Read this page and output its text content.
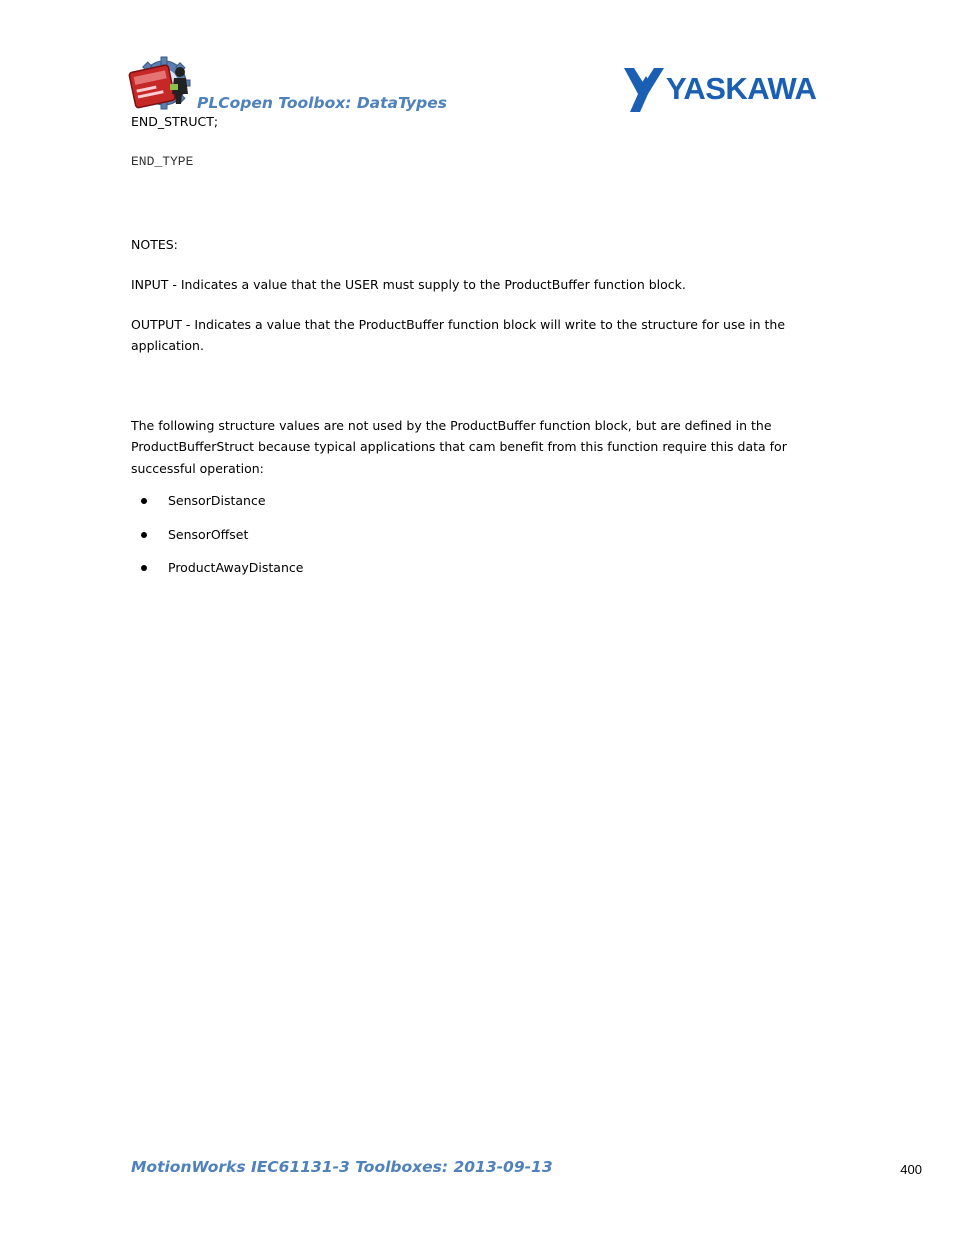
PLCopen Toolbox: DataTypes	YASKAWA
END_STRUCT;
END_TYPE
NOTES:
INPUT - Indicates a value that the USER must supply to the ProductBuffer function block.
OUTPUT - Indicates a value that the ProductBuffer function block will write to the structure for use in the
application.
The following structure values are not used by the ProductBuffer function block, but are defined in the
ProductBufferStruct because typical applications that cam benefit from this function require this data for
successful operation:
SensorDistance
SensorOffset
ProductAwayDistance
MotionWorks IEC61131-3 Toolboxes: 2013-09-13	400
